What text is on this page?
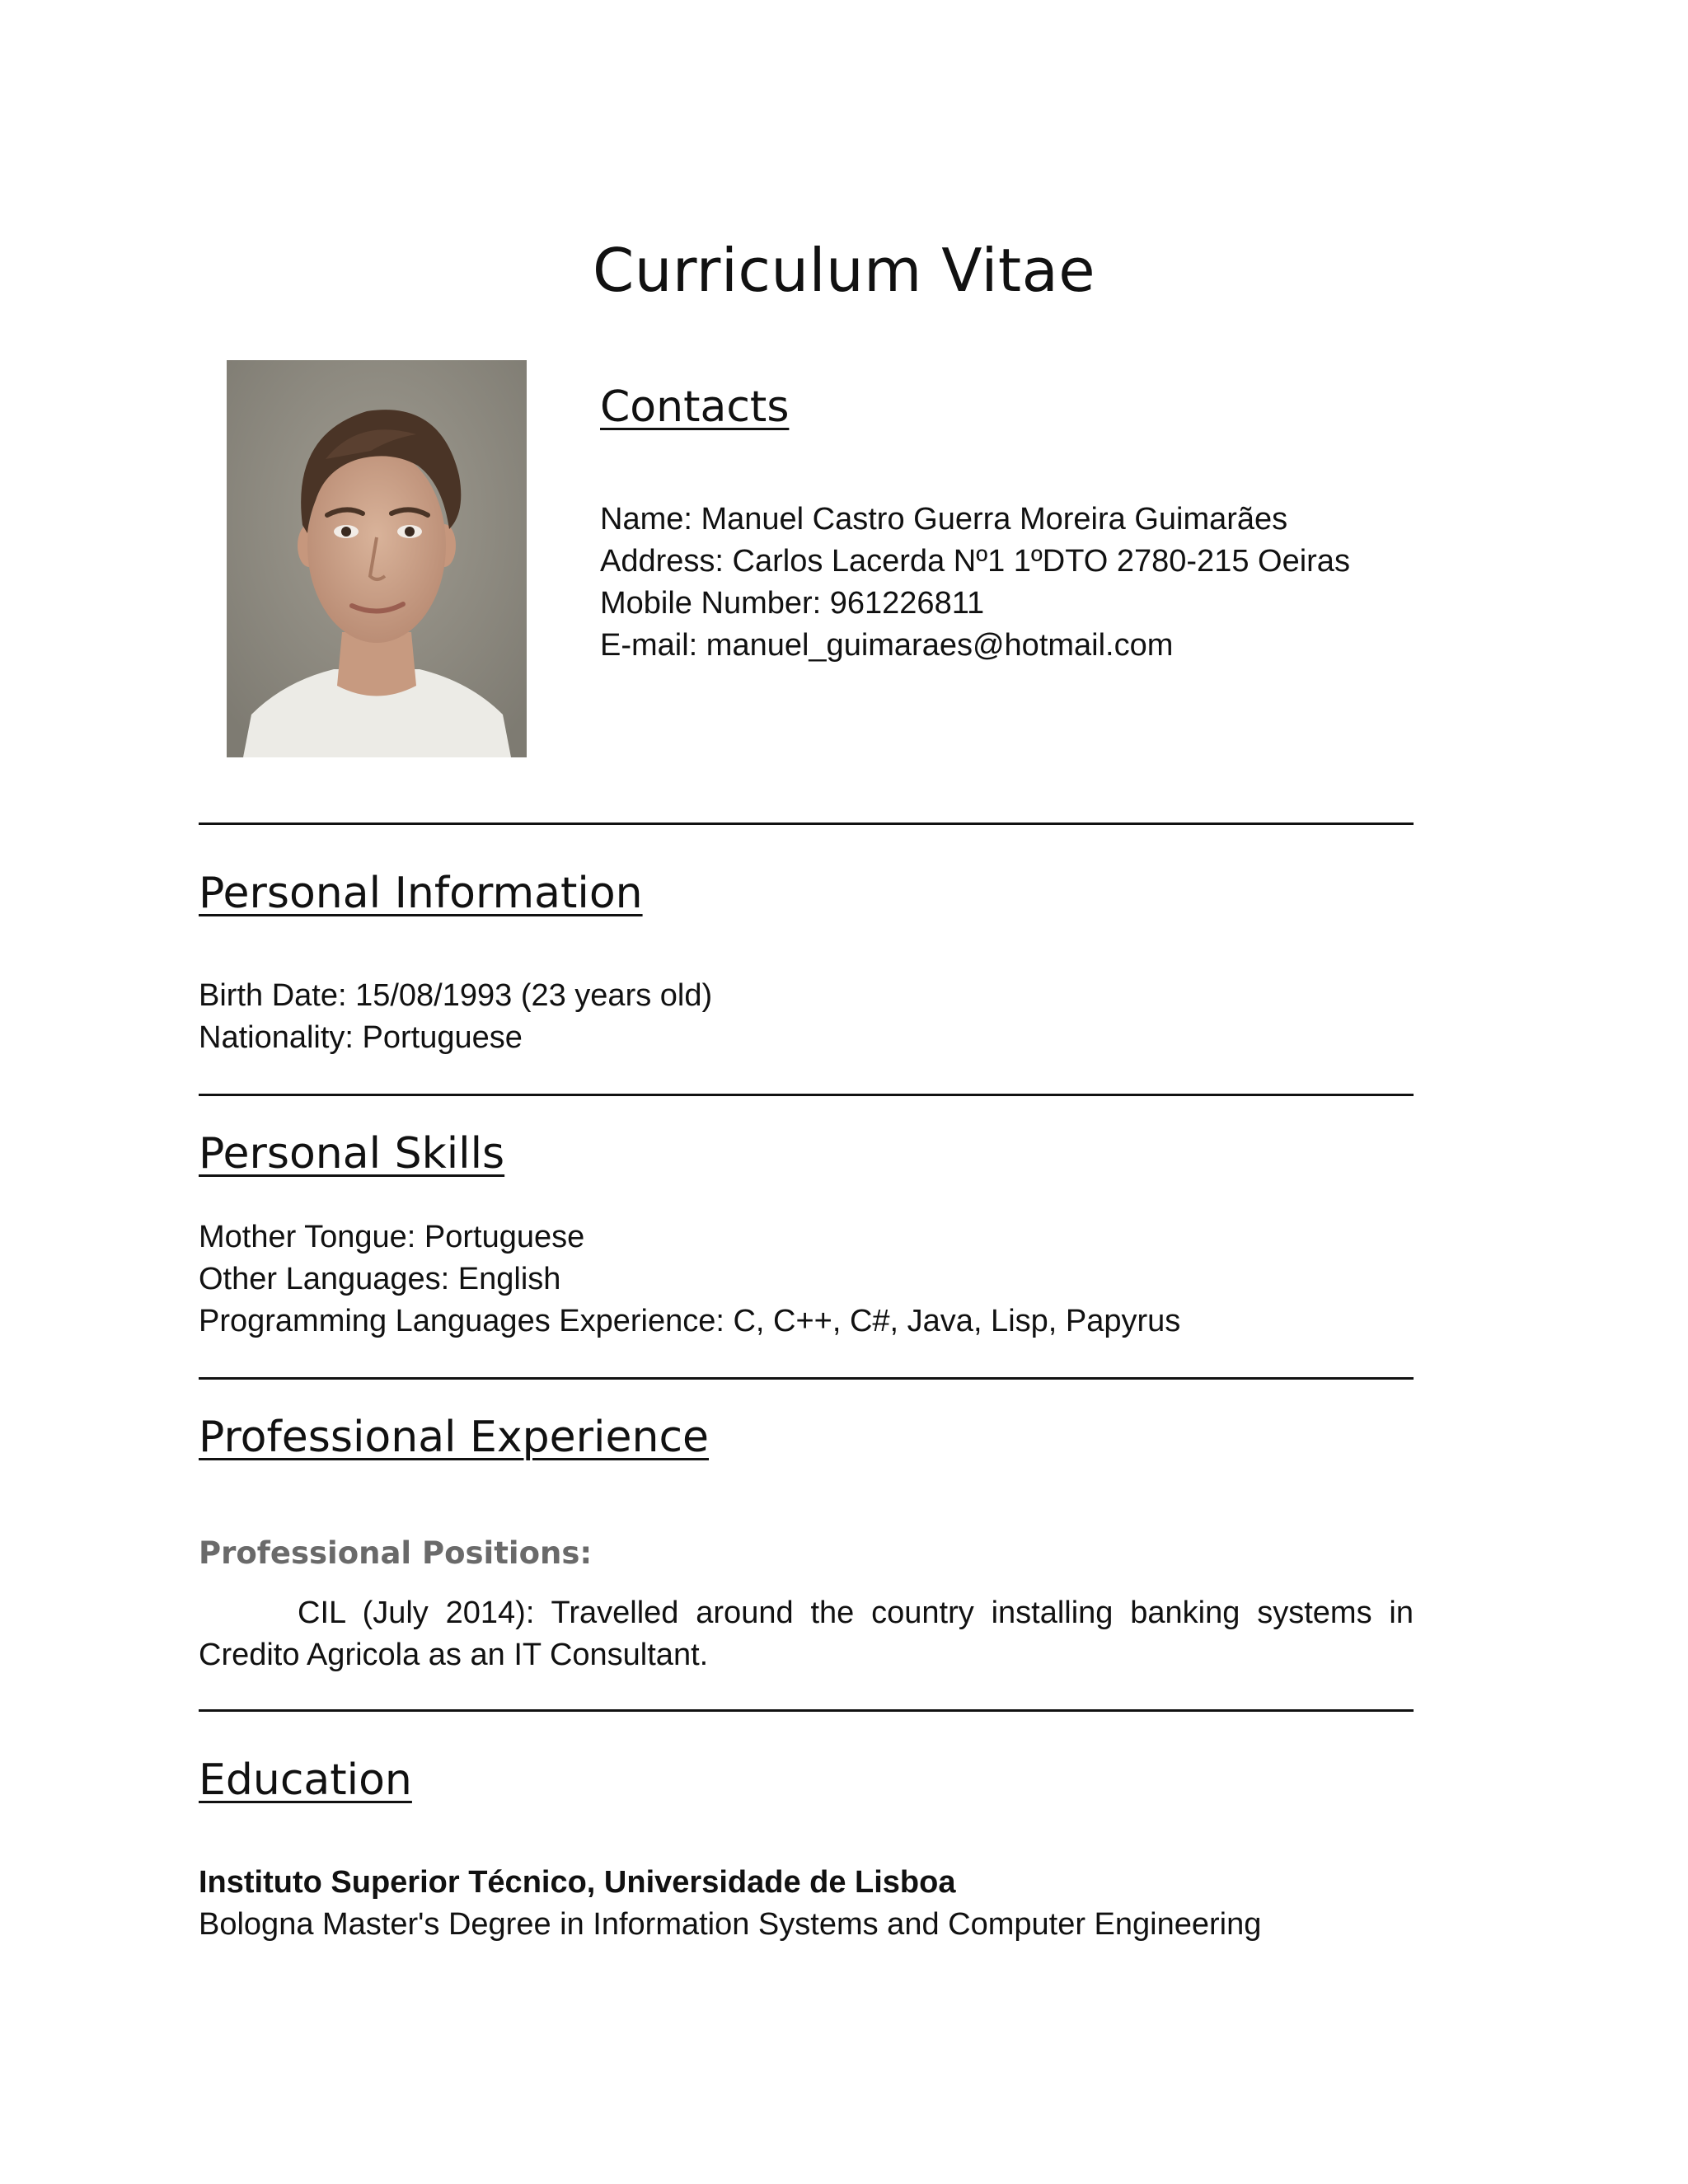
Curriculum Vitae
Contacts
Name: Manuel Castro Guerra Moreira Guimarães
Address: Carlos Lacerda Nº1 1ºDTO 2780-215 Oeiras
Mobile Number: 961226811
E-mail: manuel_guimaraes@hotmail.com
Personal Information
Birth Date: 15/08/1993 (23 years old)
Nationality: Portuguese
Personal Skills
Mother Tongue: Portuguese
Other Languages: English
Programming Languages Experience: C, C++, C#, Java, Lisp, Papyrus
Professional Experience
Professional Positions:
CIL (July 2014): Travelled around the country installing banking systems in Credito Agricola as an IT Consultant.
Education
Instituto Superior Técnico, Universidade de Lisboa
Bologna Master's Degree in Information Systems and Computer Engineering
